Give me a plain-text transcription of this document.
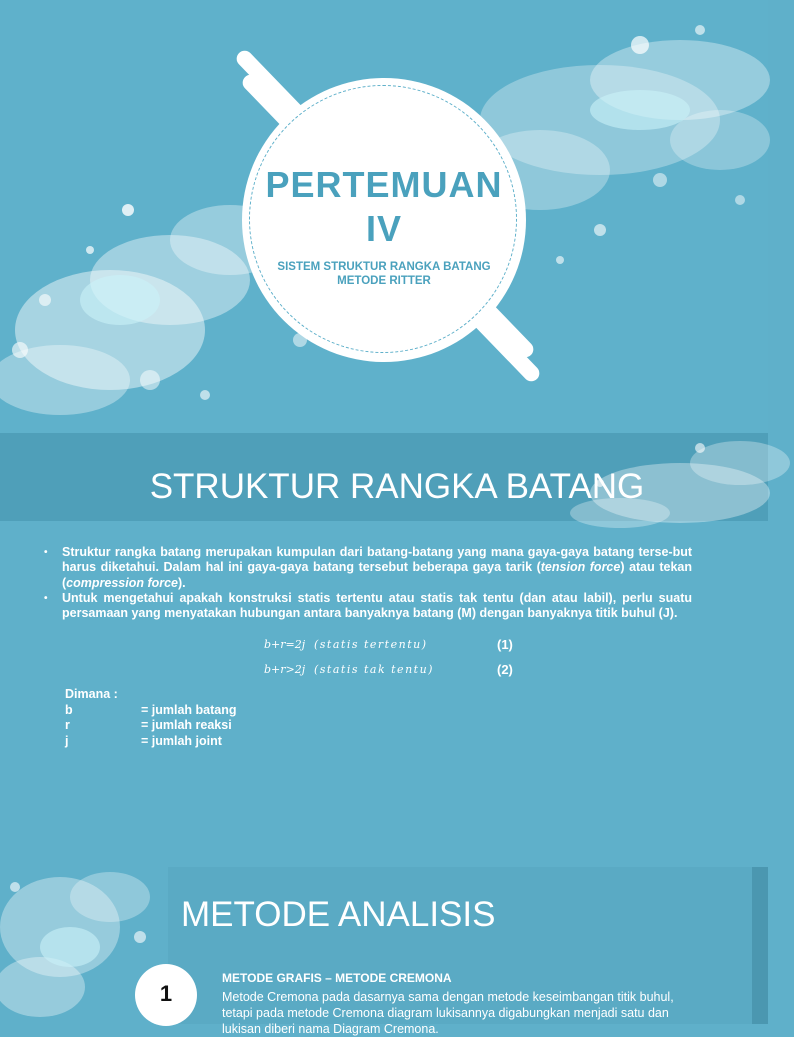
PERTEMUAN
IV
SISTEM STRUKTUR RANGKA BATANG
METODE RITTER
STRUKTUR RANGKA BATANG
• Struktur rangka batang merupakan kumpulan dari batang-batang yang mana gaya-gaya batang terse-but harus diketahui. Dalam hal ini gaya-gaya batang tersebut beberapa gaya tarik (tension force) atau tekan (compression force).
• Untuk mengetahui apakah konstruksi statis tertentu atau statis tak tentu (dan atau labil), perlu suatu persamaan yang menyatakan hubungan antara banyaknya batang (M) dengan banyaknya titik buhul (J).
b+r=2j (statis tertentu)	(1)
b+r>2j (statis tak tentu)	(2)
Dimana :
b	= jumlah batang
r	= jumlah reaksi
j	= jumlah joint
METODE ANALISIS
1
METODE GRAFIS – METODE CREMONA
Metode Cremona pada dasarnya sama dengan metode keseimbangan titik buhul, tetapi pada metode Cremona diagram lukisannya digabungkan menjadi satu dan lukisan diberi nama Diagram Cremona.
